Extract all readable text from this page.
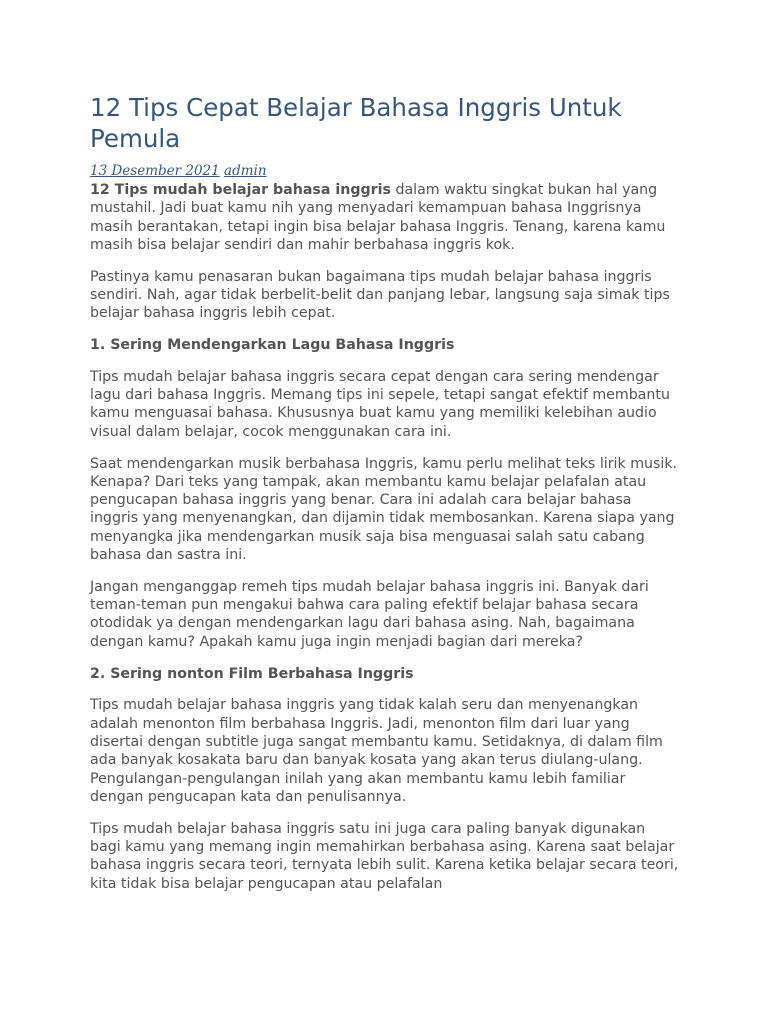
12 Tips Cepat Belajar Bahasa Inggris Untuk Pemula
13 Desember 2021 admin

12 Tips mudah belajar bahasa inggris dalam waktu singkat bukan hal yang mustahil. Jadi buat kamu nih yang menyadari kemampuan bahasa Inggrisnya masih berantakan, tetapi ingin bisa belajar bahasa Inggris. Tenang, karena kamu masih bisa belajar sendiri dan mahir berbahasa inggris kok.

Pastinya kamu penasaran bukan bagaimana tips mudah belajar bahasa inggris sendiri. Nah, agar tidak berbelit-belit dan panjang lebar, langsung saja simak tips belajar bahasa inggris lebih cepat.

1. Sering Mendengarkan Lagu Bahasa Inggris

Tips mudah belajar bahasa inggris secara cepat dengan cara sering mendengar lagu dari bahasa Inggris. Memang tips ini sepele, tetapi sangat efektif membantu kamu menguasai bahasa. Khususnya buat kamu yang memiliki kelebihan audio visual dalam belajar, cocok menggunakan cara ini.

Saat mendengarkan musik berbahasa Inggris, kamu perlu melihat teks lirik musik. Kenapa? Dari teks yang tampak, akan membantu kamu belajar pelafalan atau pengucapan bahasa inggris yang benar. Cara ini adalah cara belajar bahasa inggris yang menyenangkan, dan dijamin tidak membosankan. Karena siapa yang menyangka jika mendengarkan musik saja bisa menguasai salah satu cabang bahasa dan sastra ini.

Jangan menganggap remeh tips mudah belajar bahasa inggris ini. Banyak dari teman-teman pun mengakui bahwa cara paling efektif belajar bahasa secara otodidak ya dengan mendengarkan lagu dari bahasa asing. Nah, bagaimana dengan kamu? Apakah kamu juga ingin menjadi bagian dari mereka?

2. Sering nonton Film Berbahasa Inggris

Tips mudah belajar bahasa inggris yang tidak kalah seru dan menyenangkan adalah menonton film berbahasa Inggris. Jadi, menonton film dari luar yang disertai dengan subtitle juga sangat membantu kamu. Setidaknya, di dalam film ada banyak kosakata baru dan banyak kosata yang akan terus diulang-ulang. Pengulangan-pengulangan inilah yang akan membantu kamu lebih familiar dengan pengucapan kata dan penulisannya.

Tips mudah belajar bahasa inggris satu ini juga cara paling banyak digunakan bagi kamu yang memang ingin memahirkan berbahasa asing. Karena saat belajar bahasa inggris secara teori, ternyata lebih sulit. Karena ketika belajar secara teori, kita tidak bisa belajar pengucapan atau pelafalan
